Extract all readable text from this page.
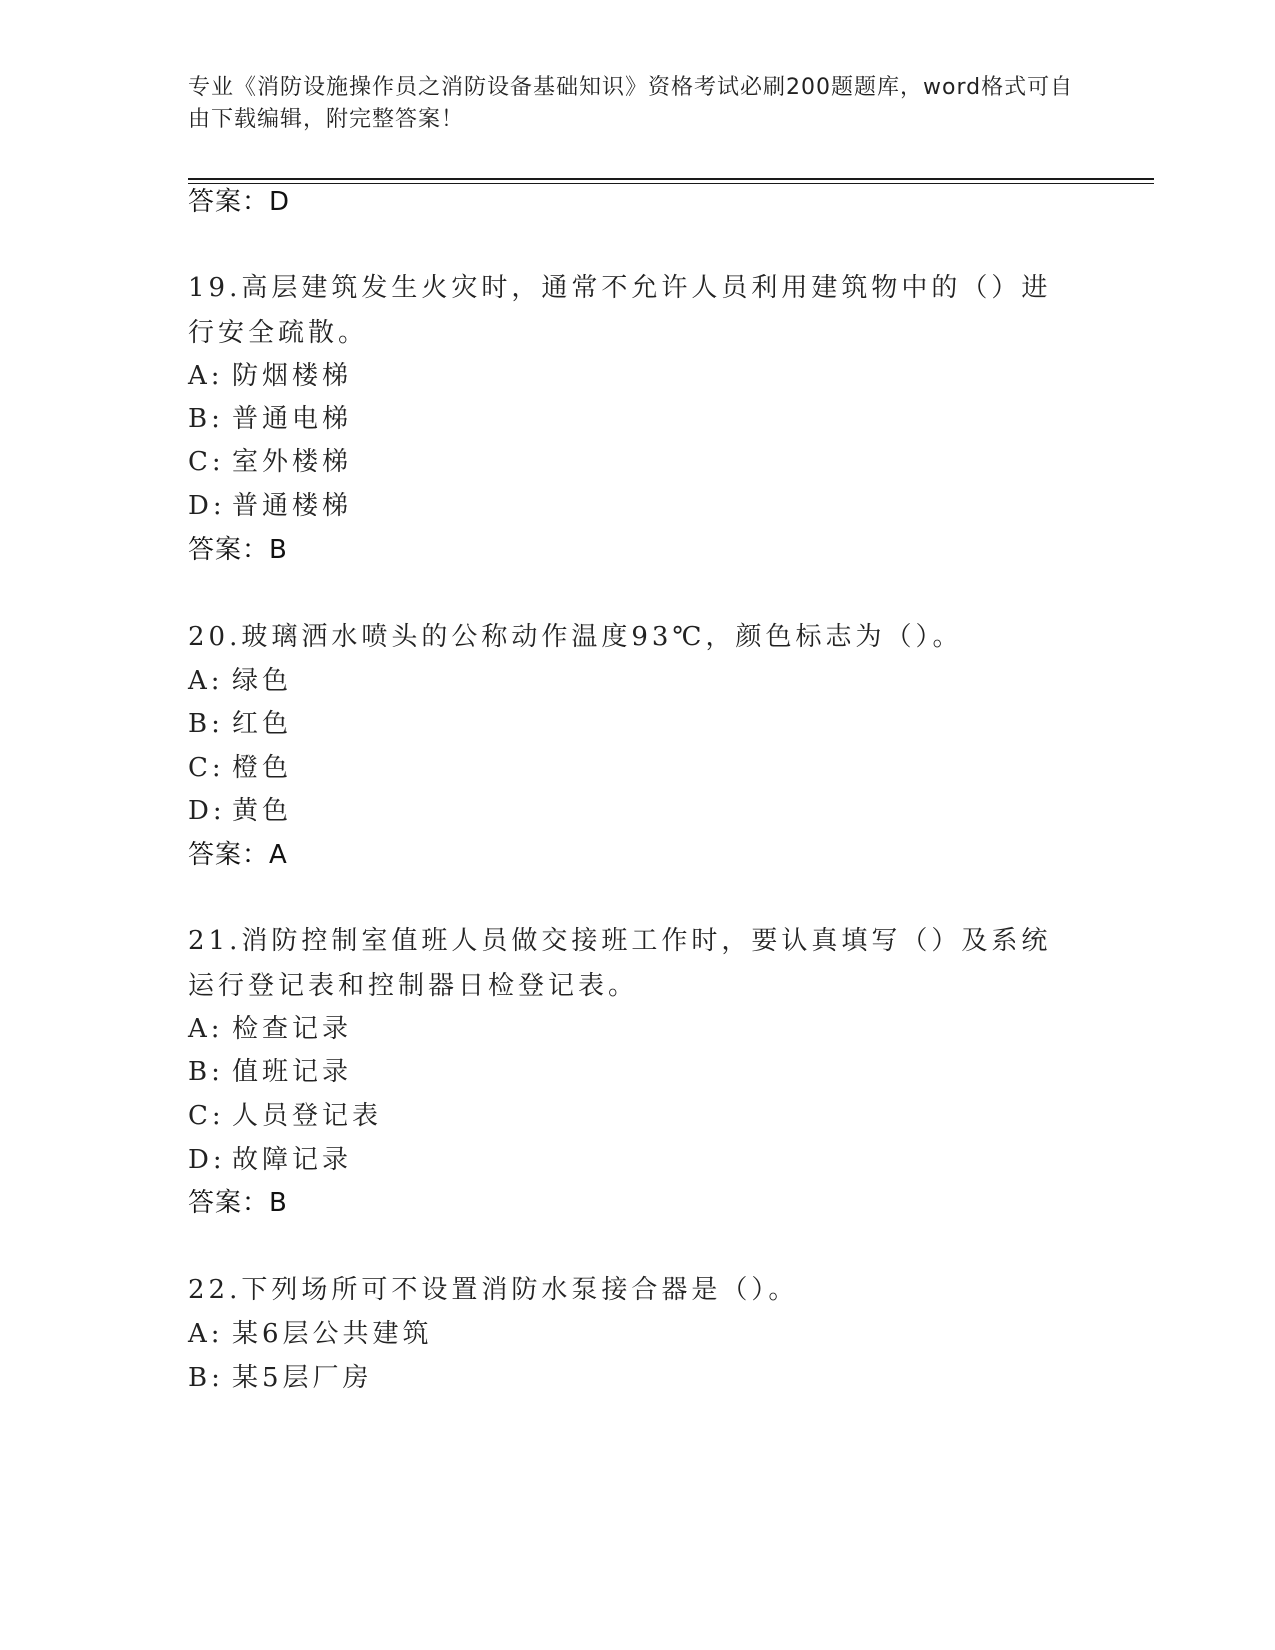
专业《消防设施操作员之消防设备基础知识》资格考试必刷200题题库，word格式可自由下载编辑，附完整答案！
答案：D
19.高层建筑发生火灾时，通常不允许人员利用建筑物中的（）进行安全疏散。
A: 防烟楼梯
B: 普通电梯
C: 室外楼梯
D: 普通楼梯
答案：B
20.玻璃洒水喷头的公称动作温度93℃，颜色标志为（）。
A: 绿色
B: 红色
C: 橙色
D: 黄色
答案：A
21.消防控制室值班人员做交接班工作时，要认真填写（）及系统运行登记表和控制器日检登记表。
A: 检查记录
B: 值班记录
C: 人员登记表
D: 故障记录
答案：B
22.下列场所可不设置消防水泵接合器是（）。
A: 某6层公共建筑
B: 某5层厂房
